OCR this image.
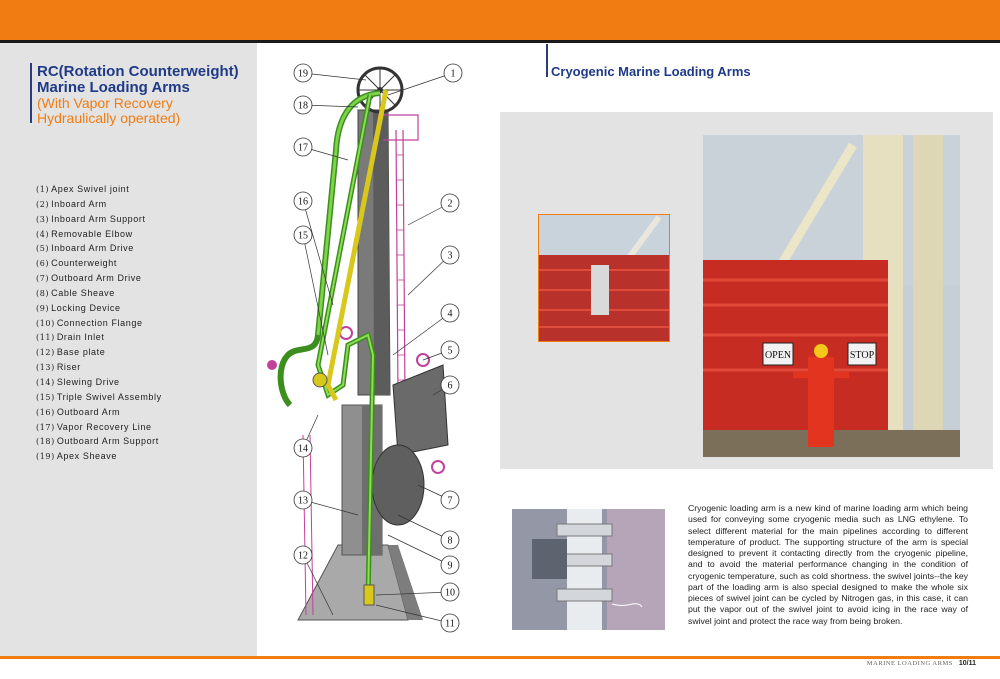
RC(Rotation Counterweight)
Marine Loading Arms
(With Vapor Recovery
Hydraulically operated)
(1) Apex Swivel joint
(2) Inboard Arm
(3) Inboard Arm Support
(4) Removable Elbow
(5) Inboard Arm Drive
(6) Counterweight
(7) Outboard Arm Drive
(8) Cable Sheave
(9) Locking Device
(10) Connection Flange
(11) Drain Inlet
(12) Base plate
(13) Riser
(14) Slewing Drive
(15) Triple Swivel Assembly
(16) Outboard Arm
(17) Vapor Recovery Line
(18) Outboard Arm Support
(19) Apex Sheave
1
2
3
4
5
6
7
8
9
10
11
12
13
14
15
16
17
18
19	Cryogenic Marine Loading Arms
OPEN	STOP
Cryogenic loading arm is a new kind of marine loading arm which being used for conveying some cryogenic media such as LNG ethylene. To select different material for the main pipelines according to different temperature of product. The supporting structure of the arm is special designed to prevent it contacting directly from the cryogenic pipeline, and to avoid the material performance changing in the condition of cryogenic temperature, such as cold shortness. the swivel joints--the key part of the loading arm is also special designed to make the whole six pieces of swivel joint can be cycled by Nitrogen gas, in this case, it can put the vapor out of the swivel joint to avoid icing in the race way of swivel joint and protect the race way from being broken.
MARINE LOADING ARMS 10/11
